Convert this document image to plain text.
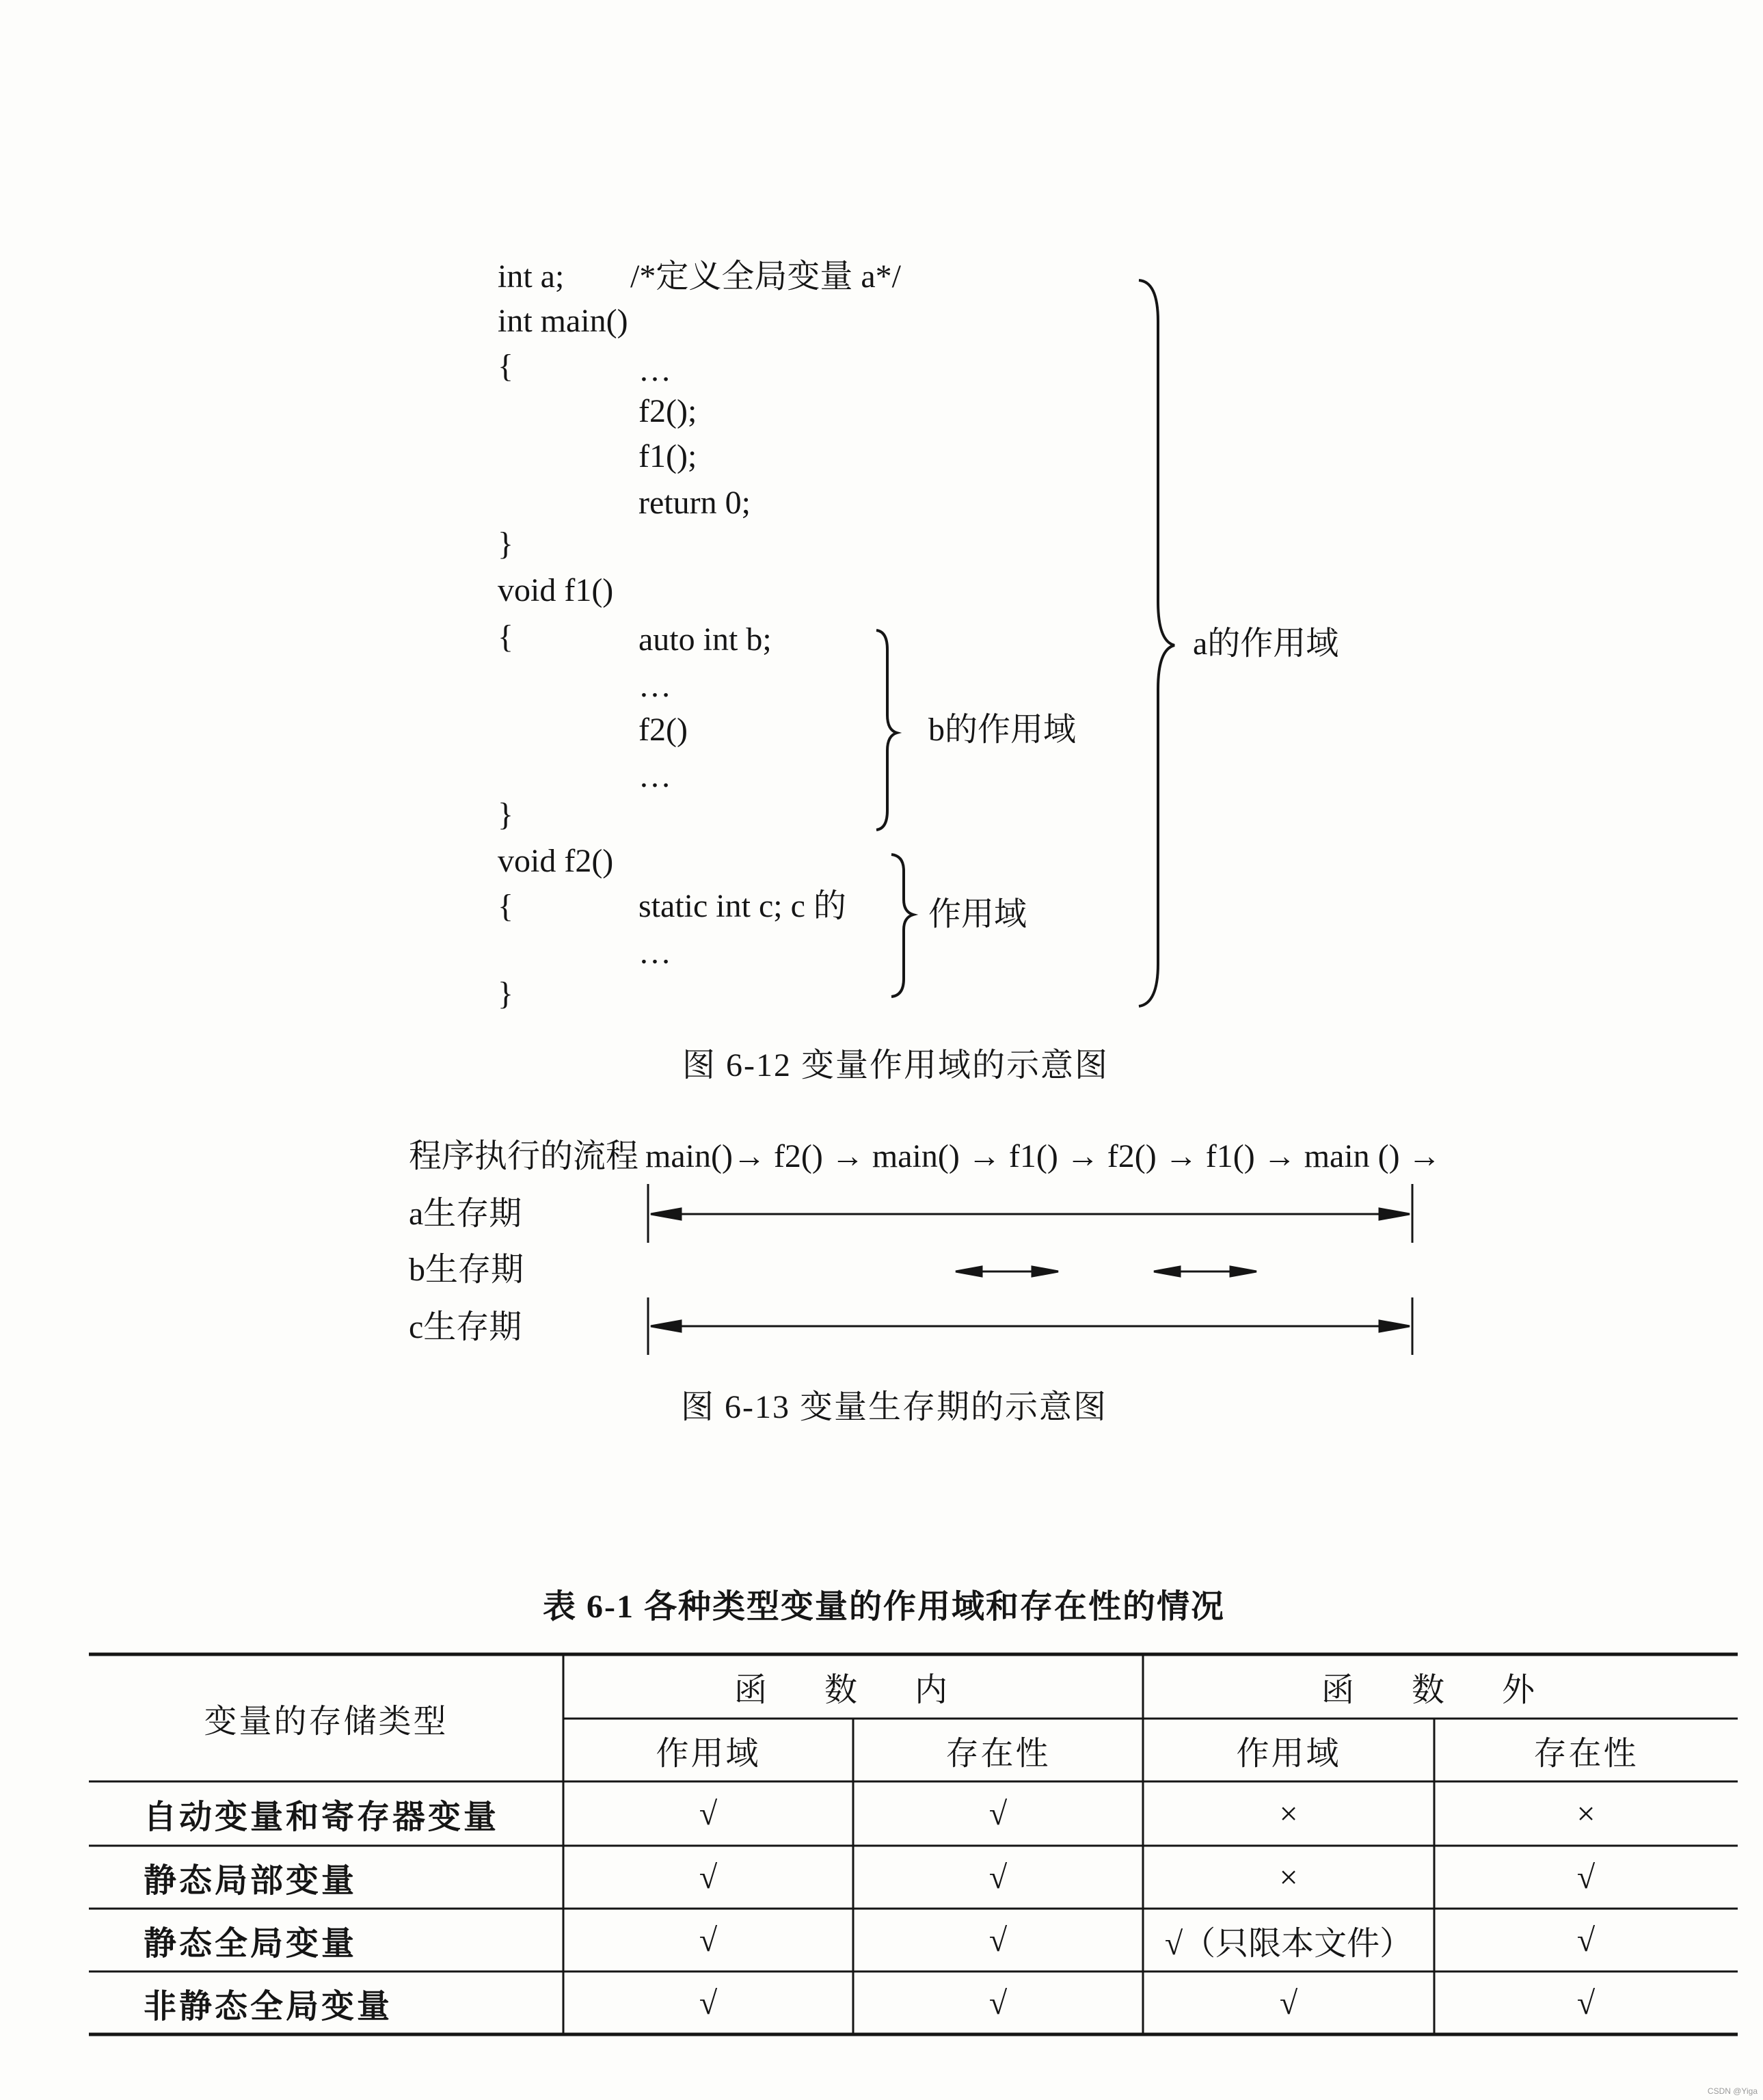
int a; /*定义全局变量 a*/
int main()
{	…
f2();
f1();
return 0;
}
void f1()
{	auto int b;
…
f2()
…
}
void f2()
{	static int c; c 的
…
}
a的作用域
b的作用域
作用域
图 6-12 变量作用域的示意图
程序执行的流程 main()→ f2() → main() → f1() → f2() → f1() → main () →
a生存期
b生存期
c生存期
图 6-13 变量生存期的示意图
表 6-1 各种类型变量的作用域和存在性的情况
变量的存储类型
函 数 内	函 数 外
作用域	存在性	作用域	存在性
自动变量和寄存器变量	√	√	×	×
静态局部变量	√	√	×	√
静态全局变量	√	√	√（只限本文件）	√
非静态全局变量	√	√	√	√
CSDN @Yiga
